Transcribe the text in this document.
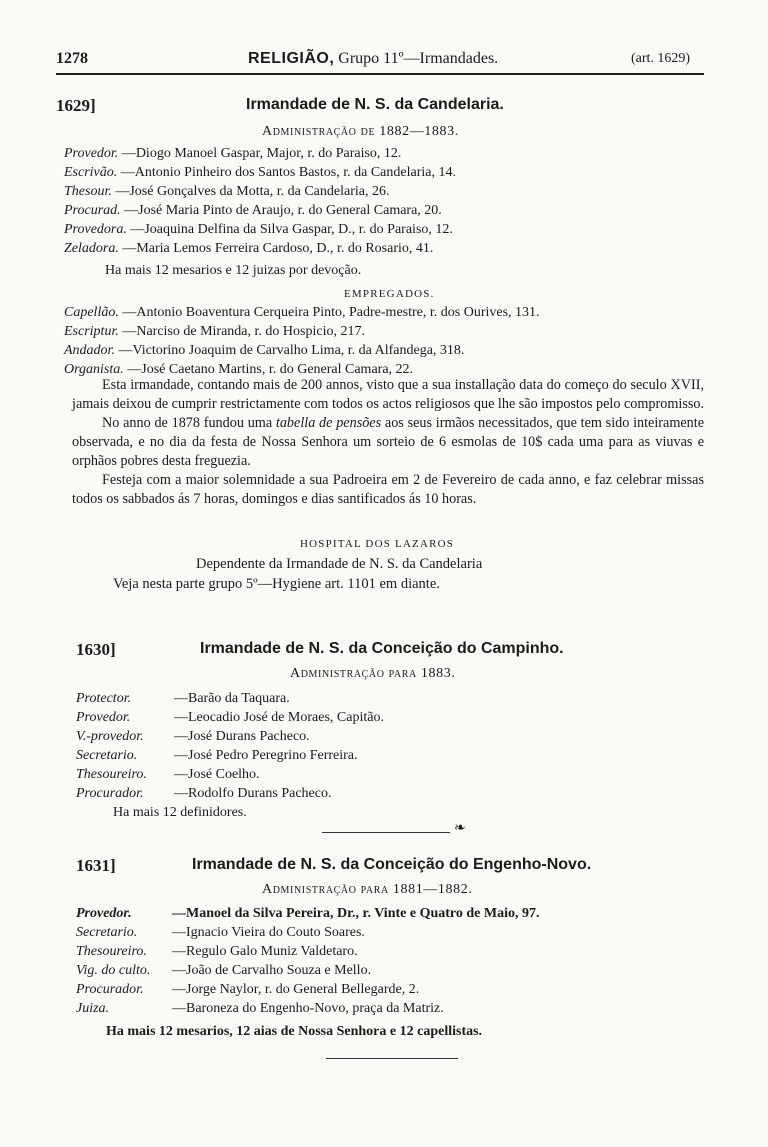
1278	RELIGIÃO, Grupo 11º—Irmandades.	(art. 1629)
1629]	Irmandade de N. S. da Candelaria.
Administração de 1882—1883.
Provedor. —Diogo Manoel Gaspar, Major, r. do Paraiso, 12.
Escrivão. —Antonio Pinheiro dos Santos Bastos, r. da Candelaria, 14.
Thesour. —José Gonçalves da Motta, r. da Candelaria, 26.
Procurad. —José Maria Pinto de Araujo, r. do General Camara, 20.
Provedora. —Joaquina Delfina da Silva Gaspar, D., r. do Paraiso, 12.
Zeladora. —Maria Lemos Ferreira Cardoso, D., r. do Rosario, 41.
Ha mais 12 mesarios e 12 juizas por devoção.
EMPREGADOS.
Capellão. —Antonio Boaventura Cerqueira Pinto, Padre-mestre, r. dos Ourives, 131.
Escriptur. —Narciso de Miranda, r. do Hospicio, 217.
Andador. —Victorino Joaquim de Carvalho Lima, r. da Alfandega, 318.
Organista. —José Caetano Martins, r. do General Camara, 22.

Esta irmandade, contando mais de 200 annos, visto que a sua installação data do começo do seculo XVII, jamais deixou de cumprir restrictamente com todos os actos religiosos que lhe são impostos pelo compromisso.

No anno de 1878 fundou uma tabella de pensões aos seus irmãos necessitados, que tem sido inteiramente observada, e no dia da festa de Nossa Senhora um sorteio de 6 esmolas de 10$ cada uma para as viuvas e orphãos pobres desta freguezia.

Festeja com a maior solemnidade a sua Padroeira em 2 de Fevereiro de cada anno, e faz celebrar missas todos os sabbados ás 7 horas, domingos e dias santificados ás 10 horas.

HOSPITAL DOS LAZAROS
Dependente da Irmandade de N. S. da Candelaria
Veja nesta parte grupo 5º—Hygiene art. 1101 em diante.
1630]	Irmandade de N. S. da Conceição do Campinho.
Administração para 1883.
Protector.	—Barão da Taquara.
Provedor.	—Leocadio José de Moraes, Capitão.
V.-provedor. —José Durans Pacheco.
Secretario.	—José Pedro Peregrino Ferreira.
Thesoureiro. —José Coelho.
Procurador. —Rodolfo Durans Pacheco.
Ha mais 12 definidores.
❧
1631]	Irmandade de N. S. da Conceição do Engenho-Novo.
Administração para 1881—1882.
Provedor.	—Manoel da Silva Pereira, Dr., r. Vinte e Quatro de Maio, 97.
Secretario. —Ignacio Vieira do Couto Soares.
Thesoureiro. —Regulo Galo Muniz Valdetaro.
Vig. do culto. —João de Carvalho Souza e Mello.
Procurador. —Jorge Naylor, r. do General Bellegarde, 2.
Juiza.	—Baroneza do Engenho-Novo, praça da Matriz.
Ha mais 12 mesarios, 12 aias de Nossa Senhora e 12 capellistas.
